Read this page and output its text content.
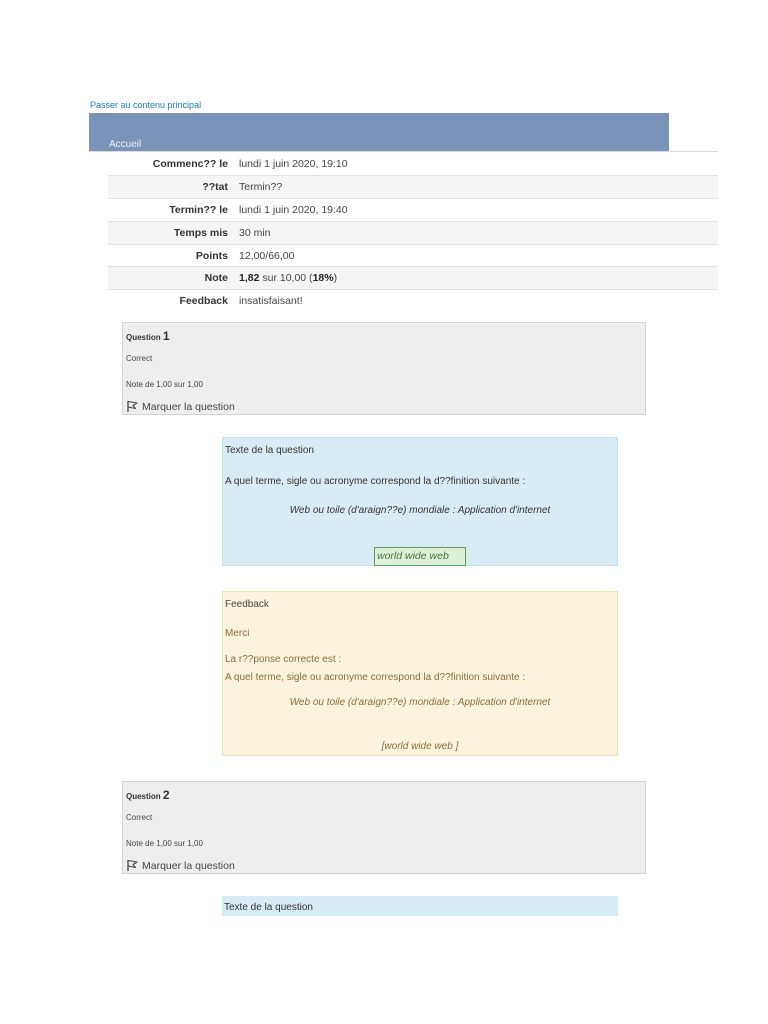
Passer au contenu principal
Accueil
Commenc?? le	lundi 1 juin 2020, 19:10
??tat	Termin??
Termin?? le	lundi 1 juin 2020, 19:40
Temps mis	30 min
Points	12,00/66,00
Note	1,82 sur 10,00 (18%)
Feedback	insatisfaisant!
Question 1
Correct
Note de 1,00 sur 1,00
Marquer la question
Texte de la question
A quel terme, sigle ou acronyme correspond la d??finition suivante :
Web ou toile (d'araign??e) mondiale : Application d'internet
world wide web
Feedback
Merci
La r??ponse correcte est :
A quel terme, sigle ou acronyme correspond la d??finition suivante :
Web ou toile (d'araign??e) mondiale : Application d'internet
[world wide web ]
Question 2
Correct
Note de 1,00 sur 1,00
Marquer la question
Texte de la question
